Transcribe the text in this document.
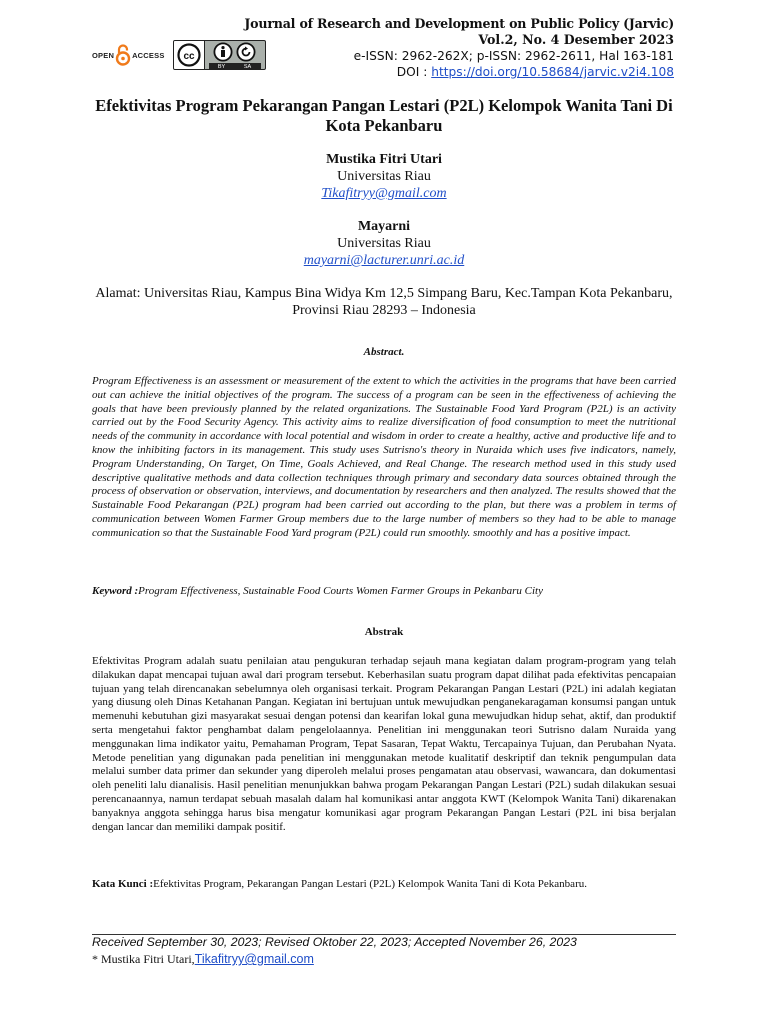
OPEN ACCESS cc
BY	SA
Journal of Research and Development on Public Policy (Jarvic)
Vol.2, No. 4 Desember 2023
e-ISSN: 2962-262X; p-ISSN: 2962-2611, Hal 163-181
DOI : https://doi.org/10.58684/jarvic.v2i4.108
Efektivitas Program Pekarangan Pangan Lestari (P2L) Kelompok Wanita Tani Di Kota Pekanbaru
Mustika Fitri Utari
Universitas Riau
Tikafitryy@gmail.com
Mayarni
Universitas Riau
mayarni@lacturer.unri.ac.id
Alamat: Universitas Riau, Kampus Bina Widya Km 12,5 Simpang Baru, Kec.Tampan Kota Pekanbaru, Provinsi Riau 28293 – Indonesia
Abstract.
Program Effectiveness is an assessment or measurement of the extent to which the activities in the programs that have been carried out can achieve the initial objectives of the program. The success of a program can be seen in the effectiveness of achieving the goals that have been previously planned by the related organizations. The Sustainable Food Yard Program (P2L) is an activity carried out by the Food Security Agency. This activity aims to realize diversification of food consumption to meet the nutritional needs of the community in accordance with local potential and wisdom in order to create a healthy, active and productive life and to know the inhibiting factors in its management. This study uses Sutrisno's theory in Nuraida which uses five indicators, namely, Program Understanding, On Target, On Time, Goals Achieved, and Real Change. The research method used in this study used descriptive qualitative methods and data collection techniques through primary and secondary data sources obtained through the process of observation or observation, interviews, and documentation by researchers and then analyzed. The results showed that the Sustainable Food Pekarangan (P2L) program had been carried out according to the plan, but there was a problem in terms of communication between Women Farmer Group members due to the large number of members so they had to be able to manage communication so that the Sustainable Food Yard program (P2L) could run smoothly. smoothly and has a positive impact.
Keyword :Program Effectiveness, Sustainable Food Courts Women Farmer Groups in Pekanbaru City
Abstrak
Efektivitas Program adalah suatu penilaian atau pengukuran terhadap sejauh mana kegiatan dalam program-program yang telah dilakukan dapat mencapai tujuan awal dari program tersebut. Keberhasilan suatu program dapat dilihat pada efektivitas pencapaian tujuan yang telah direncanakan sebelumnya oleh organisasi terkait. Program Pekarangan Pangan Lestari (P2L) ini adalah kegiatan yang diusung oleh Dinas Ketahanan Pangan. Kegiatan ini bertujuan untuk mewujudkan penganekaragaman konsumsi pangan untuk memenuhi kebutuhan gizi masyarakat sesuai dengan potensi dan kearifan lokal guna mewujudkan hidup sehat, aktif, dan produktif serta mengetahui faktor penghambat dalam pengelolaannya. Penelitian ini menggunakan teori Sutrisno dalam Nuraida yang menggunakan lima indikator yaitu, Pemahaman Program, Tepat Sasaran, Tepat Waktu, Tercapainya Tujuan, dan Perubahan Nyata. Metode penelitian yang digunakan pada penelitian ini menggunakan metode kualitatif deskriptif dan teknik pengumpulan data melalui sumber data primer dan sekunder yang diperoleh melalui proses pengamatan atau observasi, wawancara, dan dokumentasi oleh peneliti lalu dianalisis. Hasil penelitian menunjukkan bahwa progam Pekarangan Pangan Lestari (P2L) sudah dilakukan sesuai perencanaannya, namun terdapat sebuah masalah dalam hal komunikasi antar anggota KWT (Kelompok Wanita Tani) dikarenakan banyaknya anggota sehingga harus bisa mengatur komunikasi agar program Pekarangan Pangan Lestari (P2L ini bisa berjalan dengan lancar dan memiliki dampak positif.
Kata Kunci :Efektivitas Program, Pekarangan Pangan Lestari (P2L) Kelompok Wanita Tani di Kota Pekanbaru.
Received September 30, 2023; Revised Oktober 22, 2023; Accepted November 26, 2023
* Mustika Fitri Utari,Tikafitryy@gmail.com
